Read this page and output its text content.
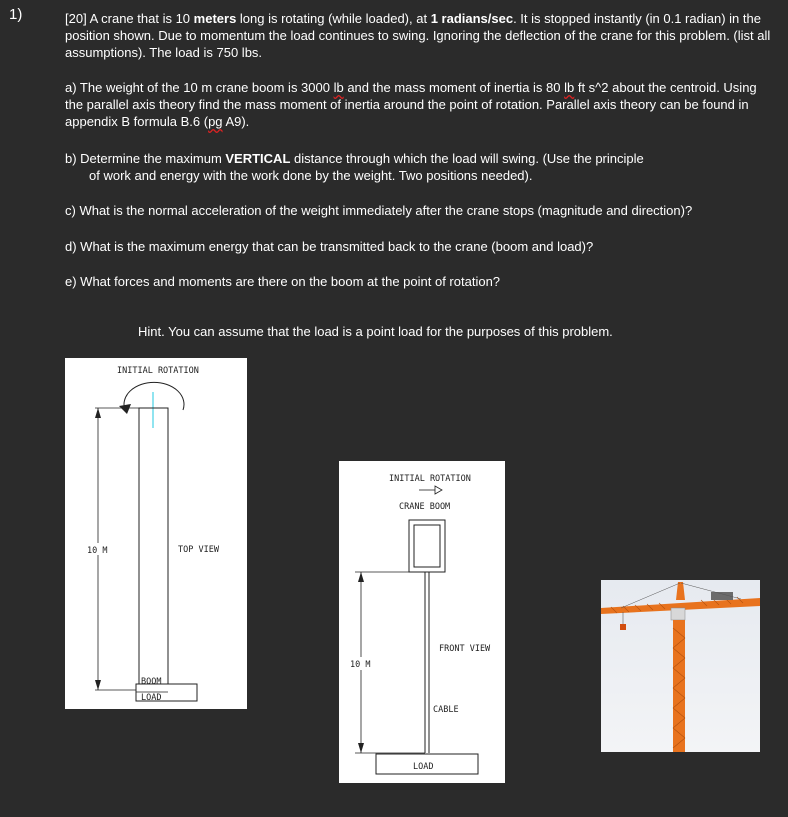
1)	[20] A crane that is 10 meters long is rotating (while loaded), at 1 radians/sec. It is stopped instantly (in 0.1 radian) in the position shown. Due to momentum the load continues to swing. Ignoring the deflection of the crane for this problem. (list all assumptions). The load is 750 lbs.
a) The weight of the 10 m crane boom is 3000 lb and the mass moment of inertia is 80 lb ft s^2 about the centroid. Using the parallel axis theory find the mass moment of inertia around the point of rotation. Parallel axis theory can be found in appendix B formula B.6 (pg A9).
b) Determine the maximum VERTICAL distance through which the load will swing. (Use the principle
of work and energy with the work done by the weight. Two positions needed).
c) What is the normal acceleration of the weight immediately after the crane stops (magnitude and direction)?
d) What is the maximum energy that can be transmitted back to the crane (boom and load)?
e) What forces and moments are there on the boom at the point of rotation?
Hint. You can assume that the load is a point load for the purposes of this problem.
INITIAL ROTATION
BOOM
LOAD
10 M	TOP VIEW
INITIAL ROTATION
CRANE BOOM
FRONT VIEW
CABLE
LOAD
10 M
